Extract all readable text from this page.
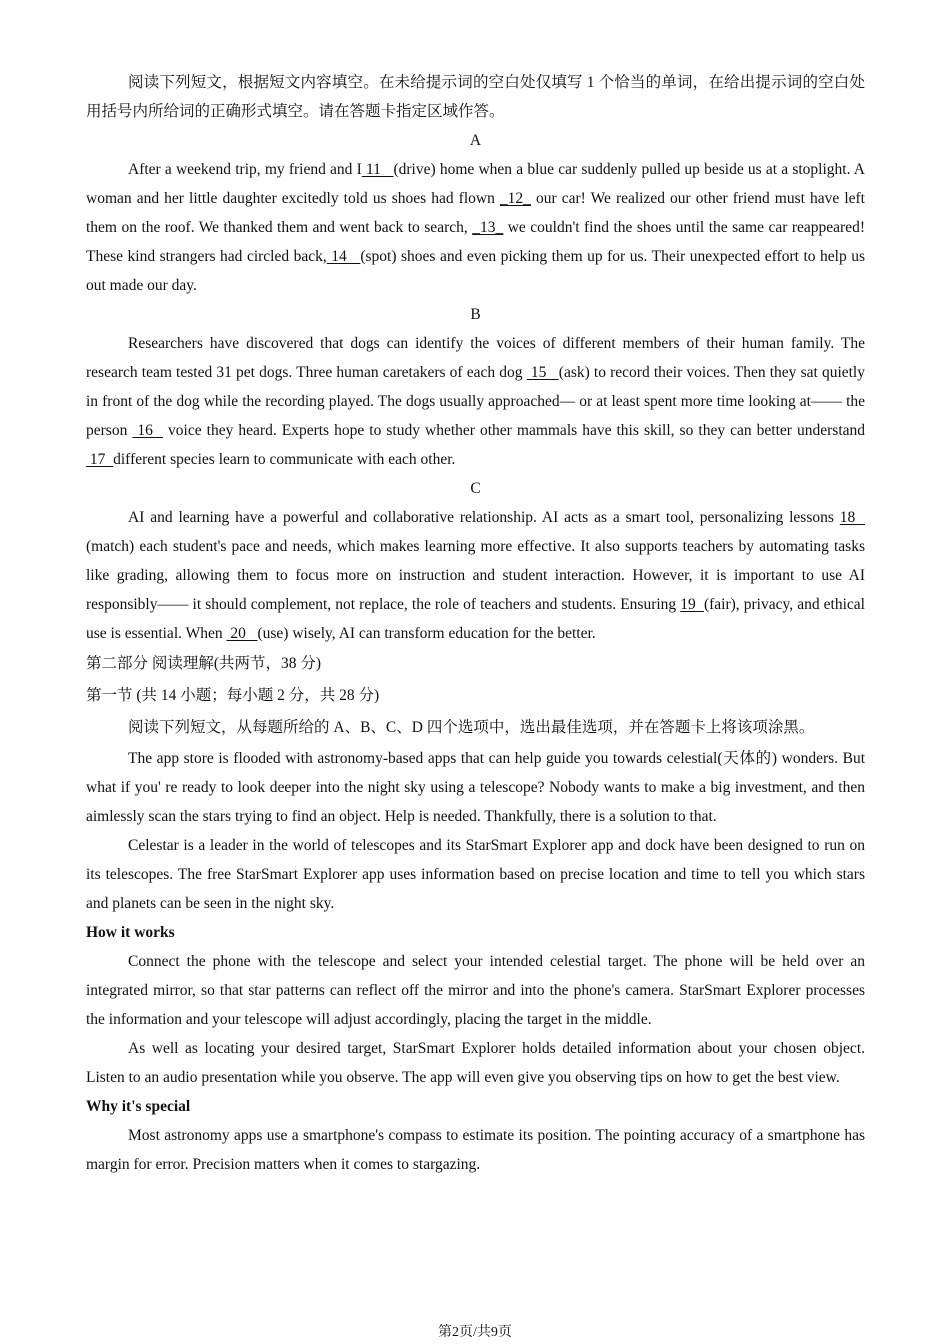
阅读下列短文，根据短文内容填空。在未给提示词的空白处仅填写 1 个恰当的单词，在给出提示词的空白处用括号内所给词的正确形式填空。请在答题卡指定区域作答。

A

After a weekend trip, my friend and I 11   (drive) home when a blue car suddenly pulled up beside us at a stoplight. A woman and her little daughter excitedly told us shoes had flown _12_ our car! We realized our other friend must have left them on the roof. We thanked them and went back to search, _13_ we couldn't find the shoes until the same car reappeared! These kind strangers had circled back, 14   (spot) shoes and even picking them up for us. Their unexpected effort to help us out made our day.

B

Researchers have discovered that dogs can identify the voices of different members of their human family. The research team tested 31 pet dogs. Three human caretakers of each dog  15   (ask) to record their voices. Then they sat quietly in front of the dog while the recording played. The dogs usually approached— or at least spent more time looking at—— the person  16   voice they heard. Experts hope to study whether other mammals have this skill, so they can better understand  17  different species learn to communicate with each other.

C

AI and learning have a powerful and collaborative relationship. AI acts as a smart tool, personalizing lessons 18   (match) each student's pace and needs, which makes learning more effective. It also supports teachers by automating tasks like grading, allowing them to focus more on instruction and student interaction. However, it is important to use AI responsibly—— it should complement, not replace, the role of teachers and students. Ensuring 19  (fair), privacy, and ethical use is essential. When  20   (use) wisely, AI can transform education for the better.

第二部分 阅读理解(共两节，38 分)

第一节 (共 14 小题；每小题 2 分，共 28 分)

阅读下列短文，从每题所给的 A、B、C、D 四个选项中，选出最佳选项，并在答题卡上将该项涂黑。

The app store is flooded with astronomy-based apps that can help guide you towards celestial(天体的) wonders. But what if you' re ready to look deeper into the night sky using a telescope? Nobody wants to make a big investment, and then aimlessly scan the stars trying to find an object. Help is needed. Thankfully, there is a solution to that.

Celestar is a leader in the world of telescopes and its StarSmart Explorer app and dock have been designed to run on its telescopes. The free StarSmart Explorer app uses information based on precise location and time to tell you which stars and planets can be seen in the night sky.

How it works

Connect the phone with the telescope and select your intended celestial target. The phone will be held over an integrated mirror, so that star patterns can reflect off the mirror and into the phone's camera. StarSmart Explorer processes the information and your telescope will adjust accordingly, placing the target in the middle.

As well as locating your desired target, StarSmart Explorer holds detailed information about your chosen object. Listen to an audio presentation while you observe. The app will even give you observing tips on how to get the best view.

Why it's special

Most astronomy apps use a smartphone's compass to estimate its position. The pointing accuracy of a smartphone has margin for error. Precision matters when it comes to stargazing.

第2页/共9页
